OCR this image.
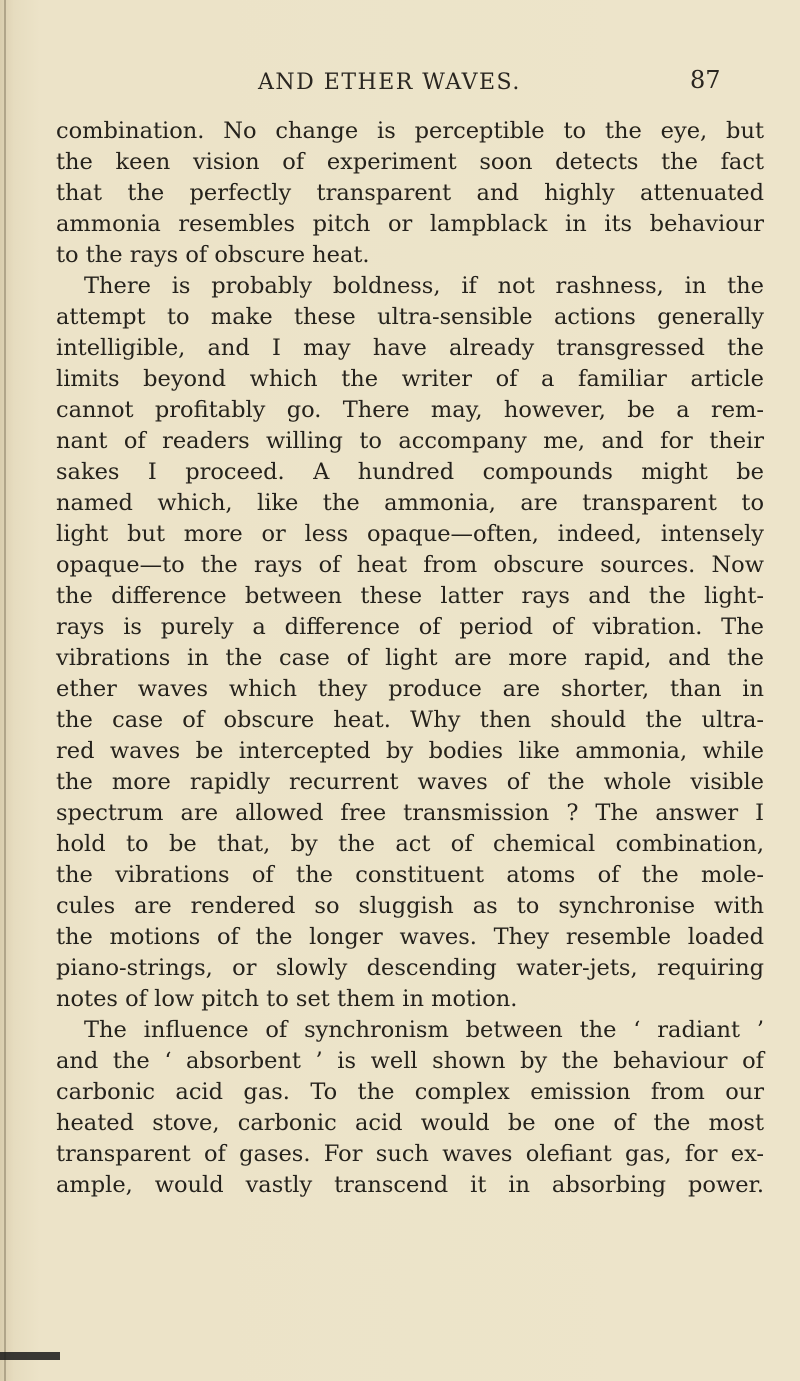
AND ETHER WAVES.	87
combination. No change is perceptible to the eye, but
the keen vision of experiment soon detects the fact
that the perfectly transparent and highly attenuated
ammonia resembles pitch or lampblack in its behaviour
to the rays of obscure heat.
There is probably boldness, if not rashness, in the
attempt to make these ultra-sensible actions generally
intelligible, and I may have already transgressed the
limits beyond which the writer of a familiar article
cannot profitably go. There may, however, be a rem-
nant of readers willing to accompany me, and for their
sakes I proceed. A hundred compounds might be
named which, like the ammonia, are transparent to
light but more or less opaque—often, indeed, intensely
opaque—to the rays of heat from obscure sources. Now
the difference between these latter rays and the light-
rays is purely a difference of period of vibration. The
vibrations in the case of light are more rapid, and the
ether waves which they produce are shorter, than in
the case of obscure heat. Why then should the ultra-
red waves be intercepted by bodies like ammonia, while
the more rapidly recurrent waves of the whole visible
spectrum are allowed free transmission ? The answer I
hold to be that, by the act of chemical combination,
the vibrations of the constituent atoms of the mole-
cules are rendered so sluggish as to synchronise with
the motions of the longer waves. They resemble loaded
piano-strings, or slowly descending water-jets, requiring
notes of low pitch to set them in motion.
The influence of synchronism between the ‘ radiant ’
and the ‘ absorbent ’ is well shown by the behaviour of
carbonic acid gas. To the complex emission from our
heated stove, carbonic acid would be one of the most
transparent of gases. For such waves olefiant gas, for ex-
ample, would vastly transcend it in absorbing power.
